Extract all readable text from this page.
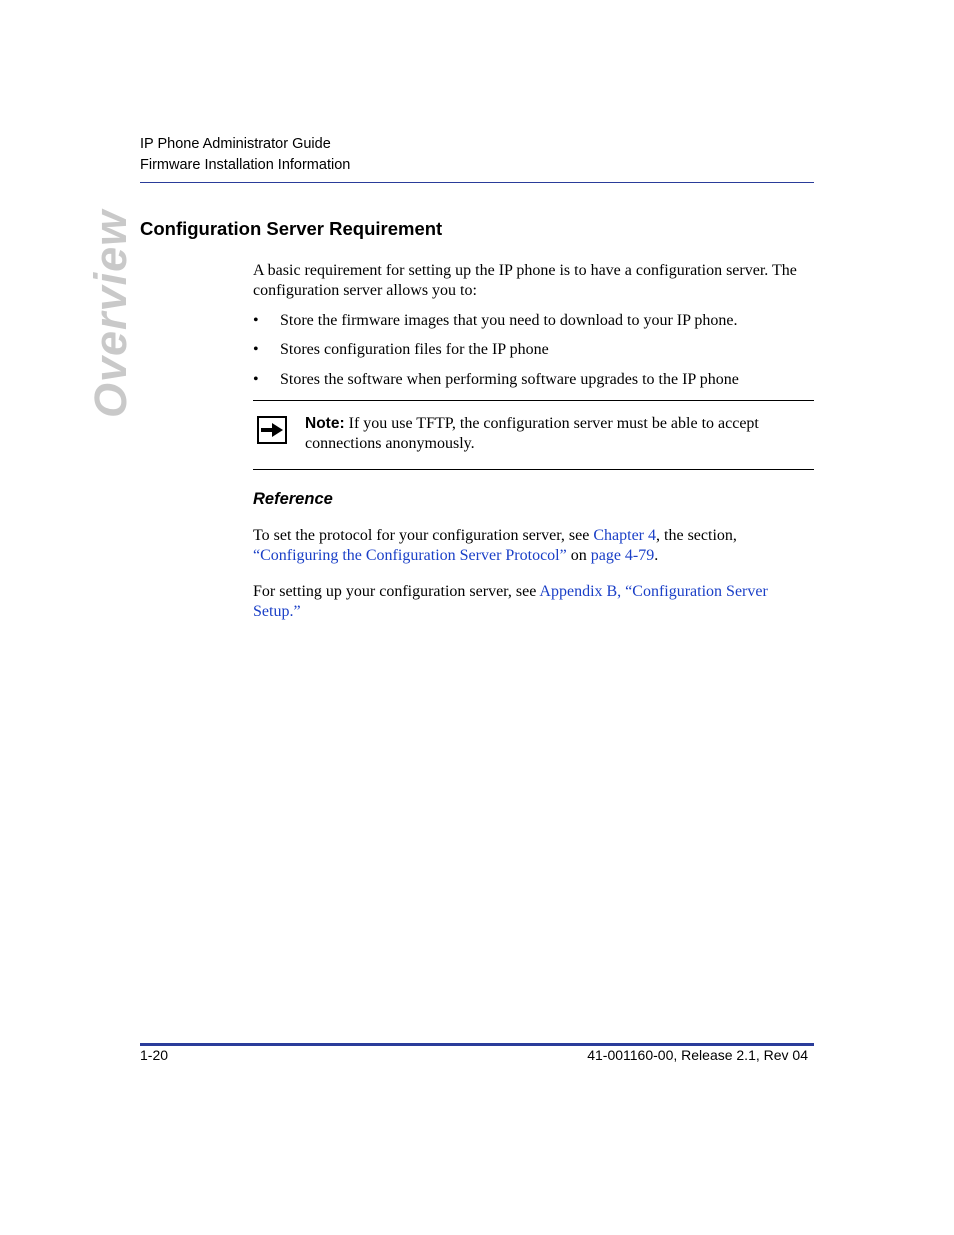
IP Phone Administrator Guide
Firmware Installation Information
Overview Configuration Server Requirement
A basic requirement for setting up the IP phone is to have a configuration server. The configuration server allows you to:
• Store the firmware images that you need to download to your IP phone.
• Stores configuration files for the IP phone
• Stores the software when performing software upgrades to the IP phone
Note: If you use TFTP, the configuration server must be able to accept connections anonymously.
Reference
To set the protocol for your configuration server, see Chapter 4, the section, “Configuring the Configuration Server Protocol” on page 4-79.
For setting up your configuration server, see Appendix B, “Configuration Server Setup.”
1-20	41-001160-00, Release 2.1, Rev 04
